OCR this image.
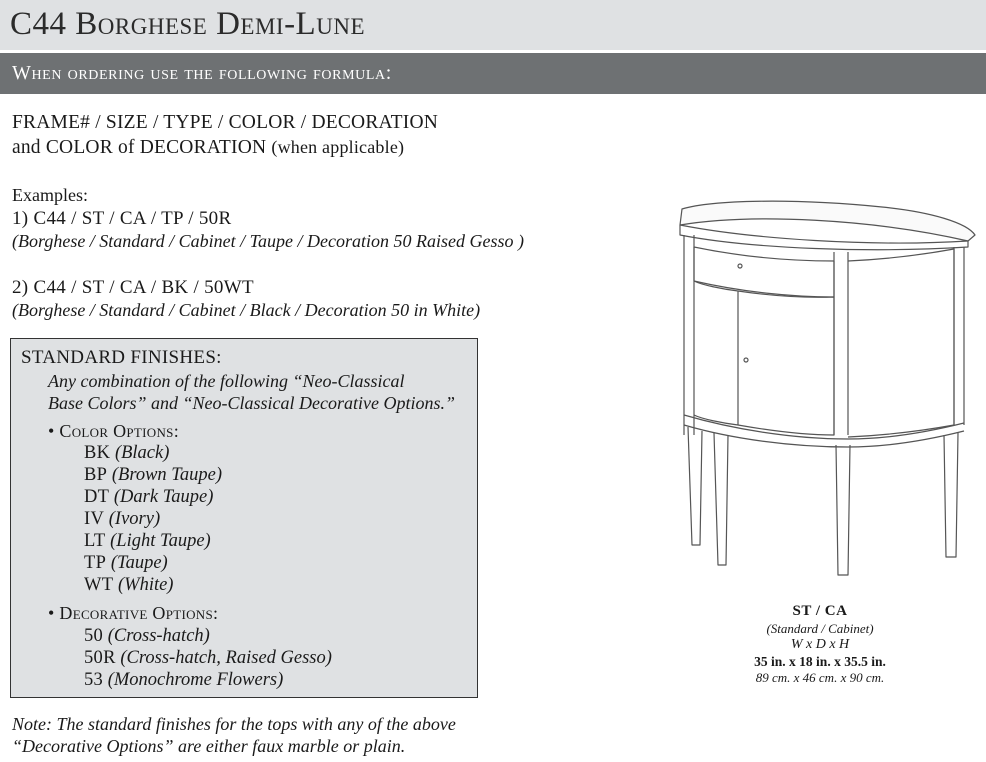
C44 Borghese Demi-Lune
When ordering use the following formula:
FRAME# / SIZE / TYPE / COLOR / DECORATION
and COLOR of DECORATION (when applicable)
Examples:
1) C44 / ST / CA / TP / 50R
(Borghese / Standard / Cabinet / Taupe / Decoration 50 Raised Gesso )
2) C44 / ST / CA / BK / 50WT
(Borghese / Standard / Cabinet / Black / Decoration 50 in White)
STANDARD FINISHES:
Any combination of the following “Neo-Classical
Base Colors” and “Neo-Classical Decorative Options.”
• Color Options:
BK (Black)
BP (Brown Taupe)
DT (Dark Taupe)
IV (Ivory)
LT (Light Taupe)
TP (Taupe)
WT (White)
• Decorative Options:
50 (Cross-hatch)
50R (Cross-hatch, Raised Gesso)
53 (Monochrome Flowers)
Note: The standard finishes for the tops with any of the above
“Decorative Options” are either faux marble or plain.
ST / CA
(Standard / Cabinet)
W x D x H
35 in. x 18 in. x 35.5 in.
89 cm. x 46 cm. x 90 cm.
